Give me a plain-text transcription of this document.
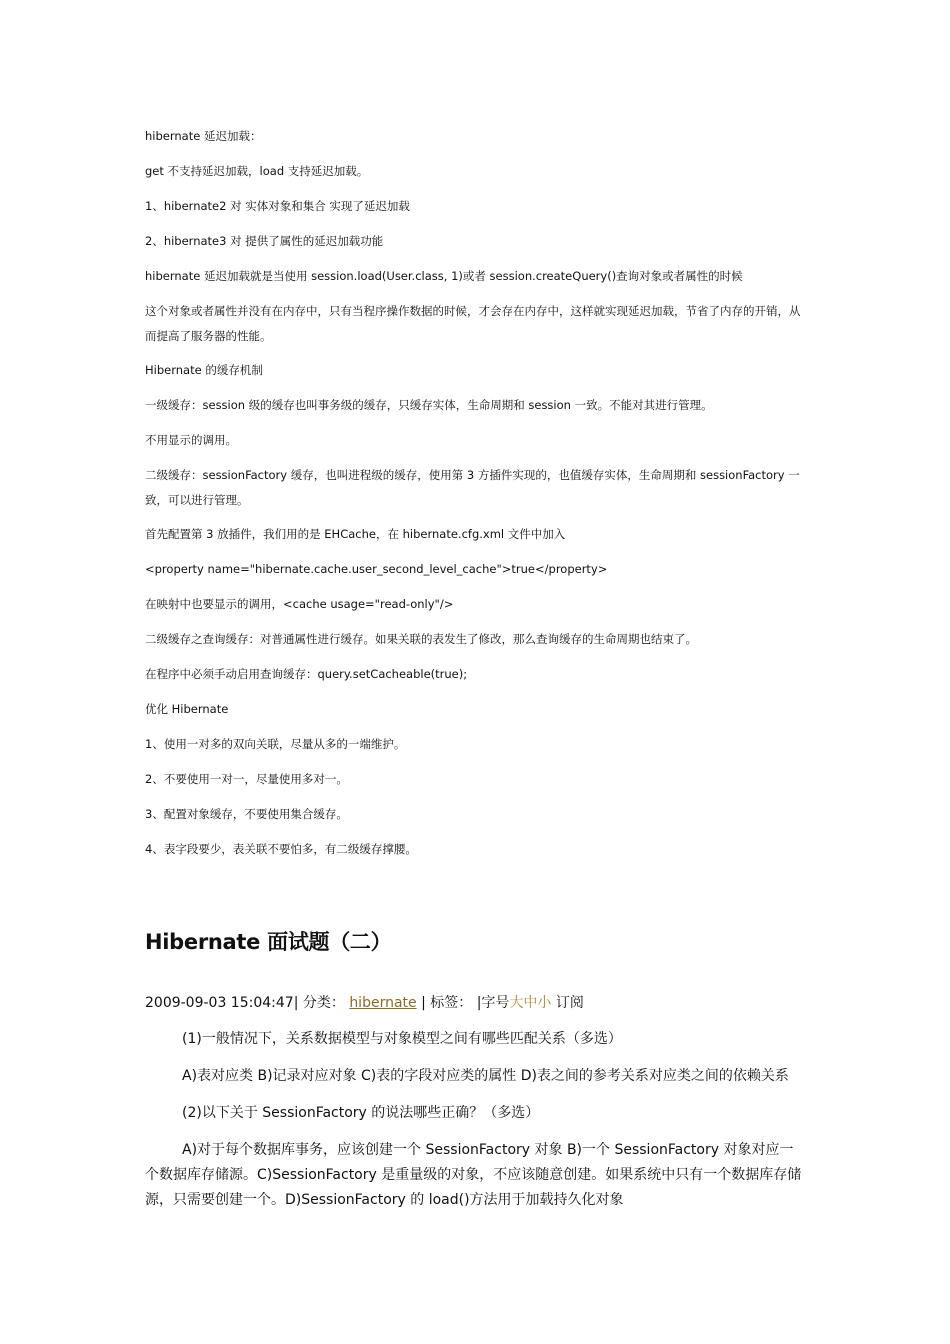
hibernate 延迟加载：

get 不支持延迟加载，load 支持延迟加载。

1、hibernate2 对 实体对象和集合 实现了延迟加载

2、hibernate3 对 提供了属性的延迟加载功能

hibernate 延迟加载就是当使用 session.load(User.class, 1)或者 session.createQuery()查询对象或者属性的时候

这个对象或者属性并没有在内存中，只有当程序操作数据的时候，才会存在内存中，这样就实现延迟加载，节省了内存的开销，从而提高了服务器的性能。

Hibernate 的缓存机制

一级缓存：session 级的缓存也叫事务级的缓存，只缓存实体，生命周期和 session 一致。不能对其进行管理。

不用显示的调用。

二级缓存：sessionFactory 缓存，也叫进程级的缓存，使用第 3 方插件实现的，也值缓存实体，生命周期和 sessionFactory 一致，可以进行管理。

首先配置第 3 放插件，我们用的是 EHCache，在 hibernate.cfg.xml 文件中加入

<property name="hibernate.cache.user_second_level_cache">true</property>

在映射中也要显示的调用，<cache usage="read-only"/>

二级缓存之查询缓存：对普通属性进行缓存。如果关联的表发生了修改，那么查询缓存的生命周期也结束了。

在程序中必须手动启用查询缓存：query.setCacheable(true);

优化 Hibernate

1、使用一对多的双向关联，尽量从多的一端维护。

2、不要使用一对一，尽量使用多对一。

3、配置对象缓存，不要使用集合缓存。

4、表字段要少，表关联不要怕多，有二级缓存撑腰。

Hibernate 面试题（二）

2009-09-03 15:04:47| 分类： hibernate | 标签： |字号大中小 订阅

(1)一般情况下，关系数据模型与对象模型之间有哪些匹配关系（多选）

A)表对应类 B)记录对应对象 C)表的字段对应类的属性 D)表之间的参考关系对应类之间的依赖关系

(2)以下关于 SessionFactory 的说法哪些正确？（多选）

A)对于每个数据库事务，应该创建一个 SessionFactory 对象 B)一个 SessionFactory 对象对应一个数据库存储源。C)SessionFactory 是重量级的对象，不应该随意创建。如果系统中只有一个数据库存储源，只需要创建一个。D)SessionFactory 的 load()方法用于加载持久化对象
